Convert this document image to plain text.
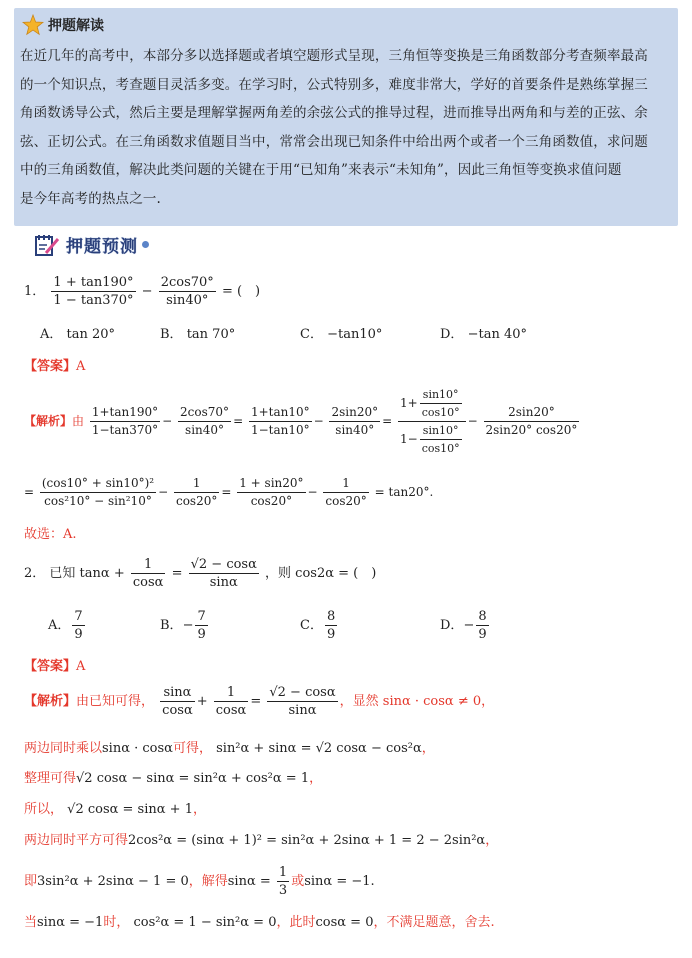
押题解读
在近几年的高考中，本部分多以选择题或者填空题形式呈现，三角恒等变换是三角函数部分考查频率最高
的一个知识点，考查题目灵活多变。在学习时，公式特别多，难度非常大，学好的首要条件是熟练掌握三
角函数诱导公式，然后主要是理解掌握两角差的余弦公式的推导过程，进而推导出两角和与差的正弦、余
弦、正切公式。在三角函数求值题目当中，常常会出现已知条件中给出两个或者一个三角函数值，求问题
中的三角函数值，解决此类问题的关键在于用“已知角”来表示“未知角”，因此三角恒等变换求值问题
是今年高考的热点之一.
押题预测
1． $\frac{1 + \tan 190^\circ}{1 - \tan 370^\circ} - \frac{2\cos 70^\circ}{\sin 40^\circ}$ = (　)
A． tan 20°	B． tan 70°	C． −tan10°	D． −tan 40°
【答案】A
【解析】由 $\frac{1+\tan 190^\circ}{1-\tan 370^\circ} - \frac{2\cos 70^\circ}{\sin 40^\circ} = \frac{1+\tan 10^\circ}{1-\tan 10^\circ} - \frac{2\sin 20^\circ}{\sin 40^\circ} = \frac{1+ \frac{\sin 10^\circ}{\cos 10^\circ}}{1- \frac{\sin 10^\circ}{\cos 10^\circ}} - \frac{2\sin 20^\circ}{2\sin 20^\circ \cos 20^\circ}$
= $\frac{\text{(cos10° + sin10°)²}}{\text{cos²10° − sin²10°}} - \frac{1}{\cos 20^\circ} = \frac{1 + \sin 20^\circ}{\cos 20^\circ} - \frac{1}{\cos 20^\circ} = \tan 20^\circ$.
故选：A.
2． 已知 $\tan\alpha + \frac{1}{\cos\alpha} = \frac{√2 - \cos\alpha}{\sin\alpha}$ ，则 cos2α = (　)
A． $\frac{7}{9}$	B．− $\frac{7}{9}$	C． $\frac{8}{9}$	D．− $\frac{8}{9}$
【答案】A
【解析】由已知可得， $\frac{\sin\alpha}{\cos\alpha} + \frac{1}{\cos\alpha} = \frac{√2 - \cos\alpha}{\sin\alpha}$ ，显然 sinα · cosα ≠ 0，
两边同时乘以sinα · cosα可得， sin²α + sinα = √2 cosα − cos²α，
整理可得√2 cosα − sinα = sin²α + cos²α = 1，
所以， √2 cosα = sinα + 1，
两边同时平方可得2cos²α = (sinα + 1)² = sin²α + 2sinα + 1 = 2 − 2sin²α，
即3sin²α + 2sinα − 1 = 0，解得$\sin\alpha = \frac{1}{3}$ 或sinα = −1.
当sinα = −1时， cos²α = 1 − sin²α = 0，此时cosα = 0，不满足题意，舍去.
